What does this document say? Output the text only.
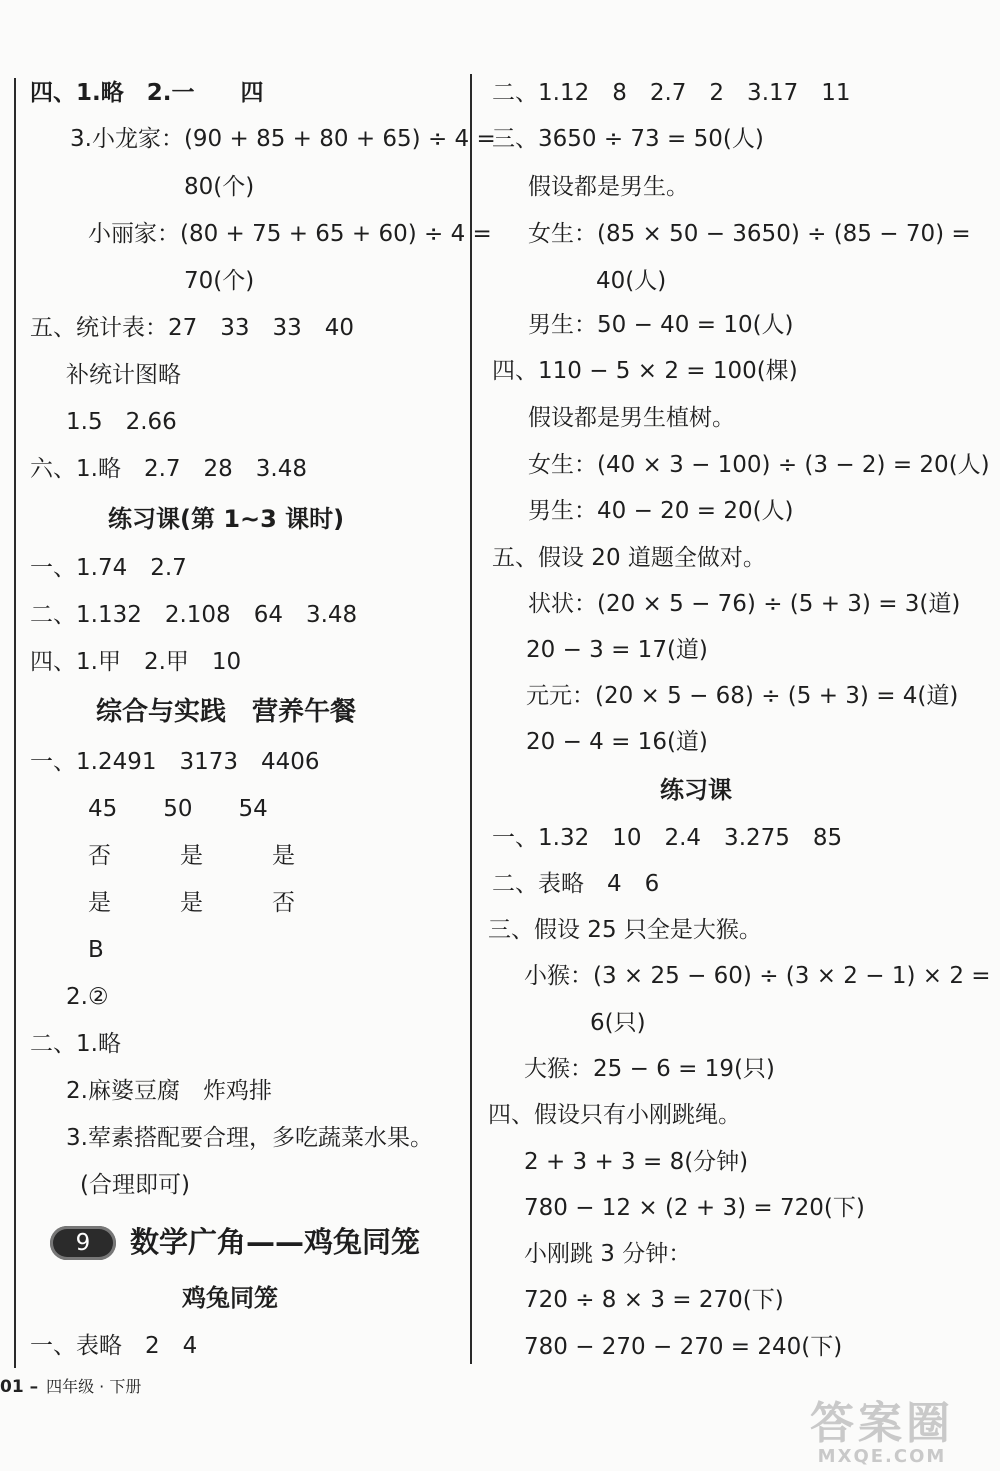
四、1.略　2.一　　四
3.小龙家：(90 + 85 + 80 + 65) ÷ 4 =
80(个)
小丽家：(80 + 75 + 65 + 60) ÷ 4 =
70(个)
五、统计表：27　33　33　40
补统计图略
1.5　2.66
六、1.略　2.7　28　3.48
练习课(第 1~3 课时)
一、1.74　2.7
二、1.132　2.108　64　3.48
四、1.甲　2.甲　10
综合与实践　营养午餐
一、1.2491　3173　4406
45　　50　　54
否　　　是　　　是
是　　　是　　　否
B
2.②
二、1.略
2.麻婆豆腐　炸鸡排
3.荤素搭配要合理，多吃蔬菜水果。
(合理即可)
9	数学广角——鸡兔同笼
鸡兔同笼
一、表略　2　4
二、1.12　8　2.7　2　3.17　11
三、3650 ÷ 73 = 50(人)
假设都是男生。
女生：(85 × 50 − 3650) ÷ (85 − 70) =
40(人)
男生：50 − 40 = 10(人)
四、110 − 5 × 2 = 100(棵)
假设都是男生植树。
女生：(40 × 3 − 100) ÷ (3 − 2) = 20(人)
男生：40 − 20 = 20(人)
五、假设 20 道题全做对。
状状：(20 × 5 − 76) ÷ (5 + 3) = 3(道)
20 − 3 = 17(道)
元元：(20 × 5 − 68) ÷ (5 + 3) = 4(道)
20 − 4 = 16(道)
练习课
一、1.32　10　2.4　3.275　85
二、表略　4　6
三、假设 25 只全是大猴。
小猴：(3 × 25 − 60) ÷ (3 × 2 − 1) × 2 =
6(只)
大猴：25 − 6 = 19(只)
四、假设只有小刚跳绳。
2 + 3 + 3 = 8(分钟)
780 − 12 × (2 + 3) = 720(下)
小刚跳 3 分钟：
720 ÷ 8 × 3 = 270(下)
780 − 270 − 270 = 240(下)
01 – 四年级 · 下册
答案圈
MXQE.COM
